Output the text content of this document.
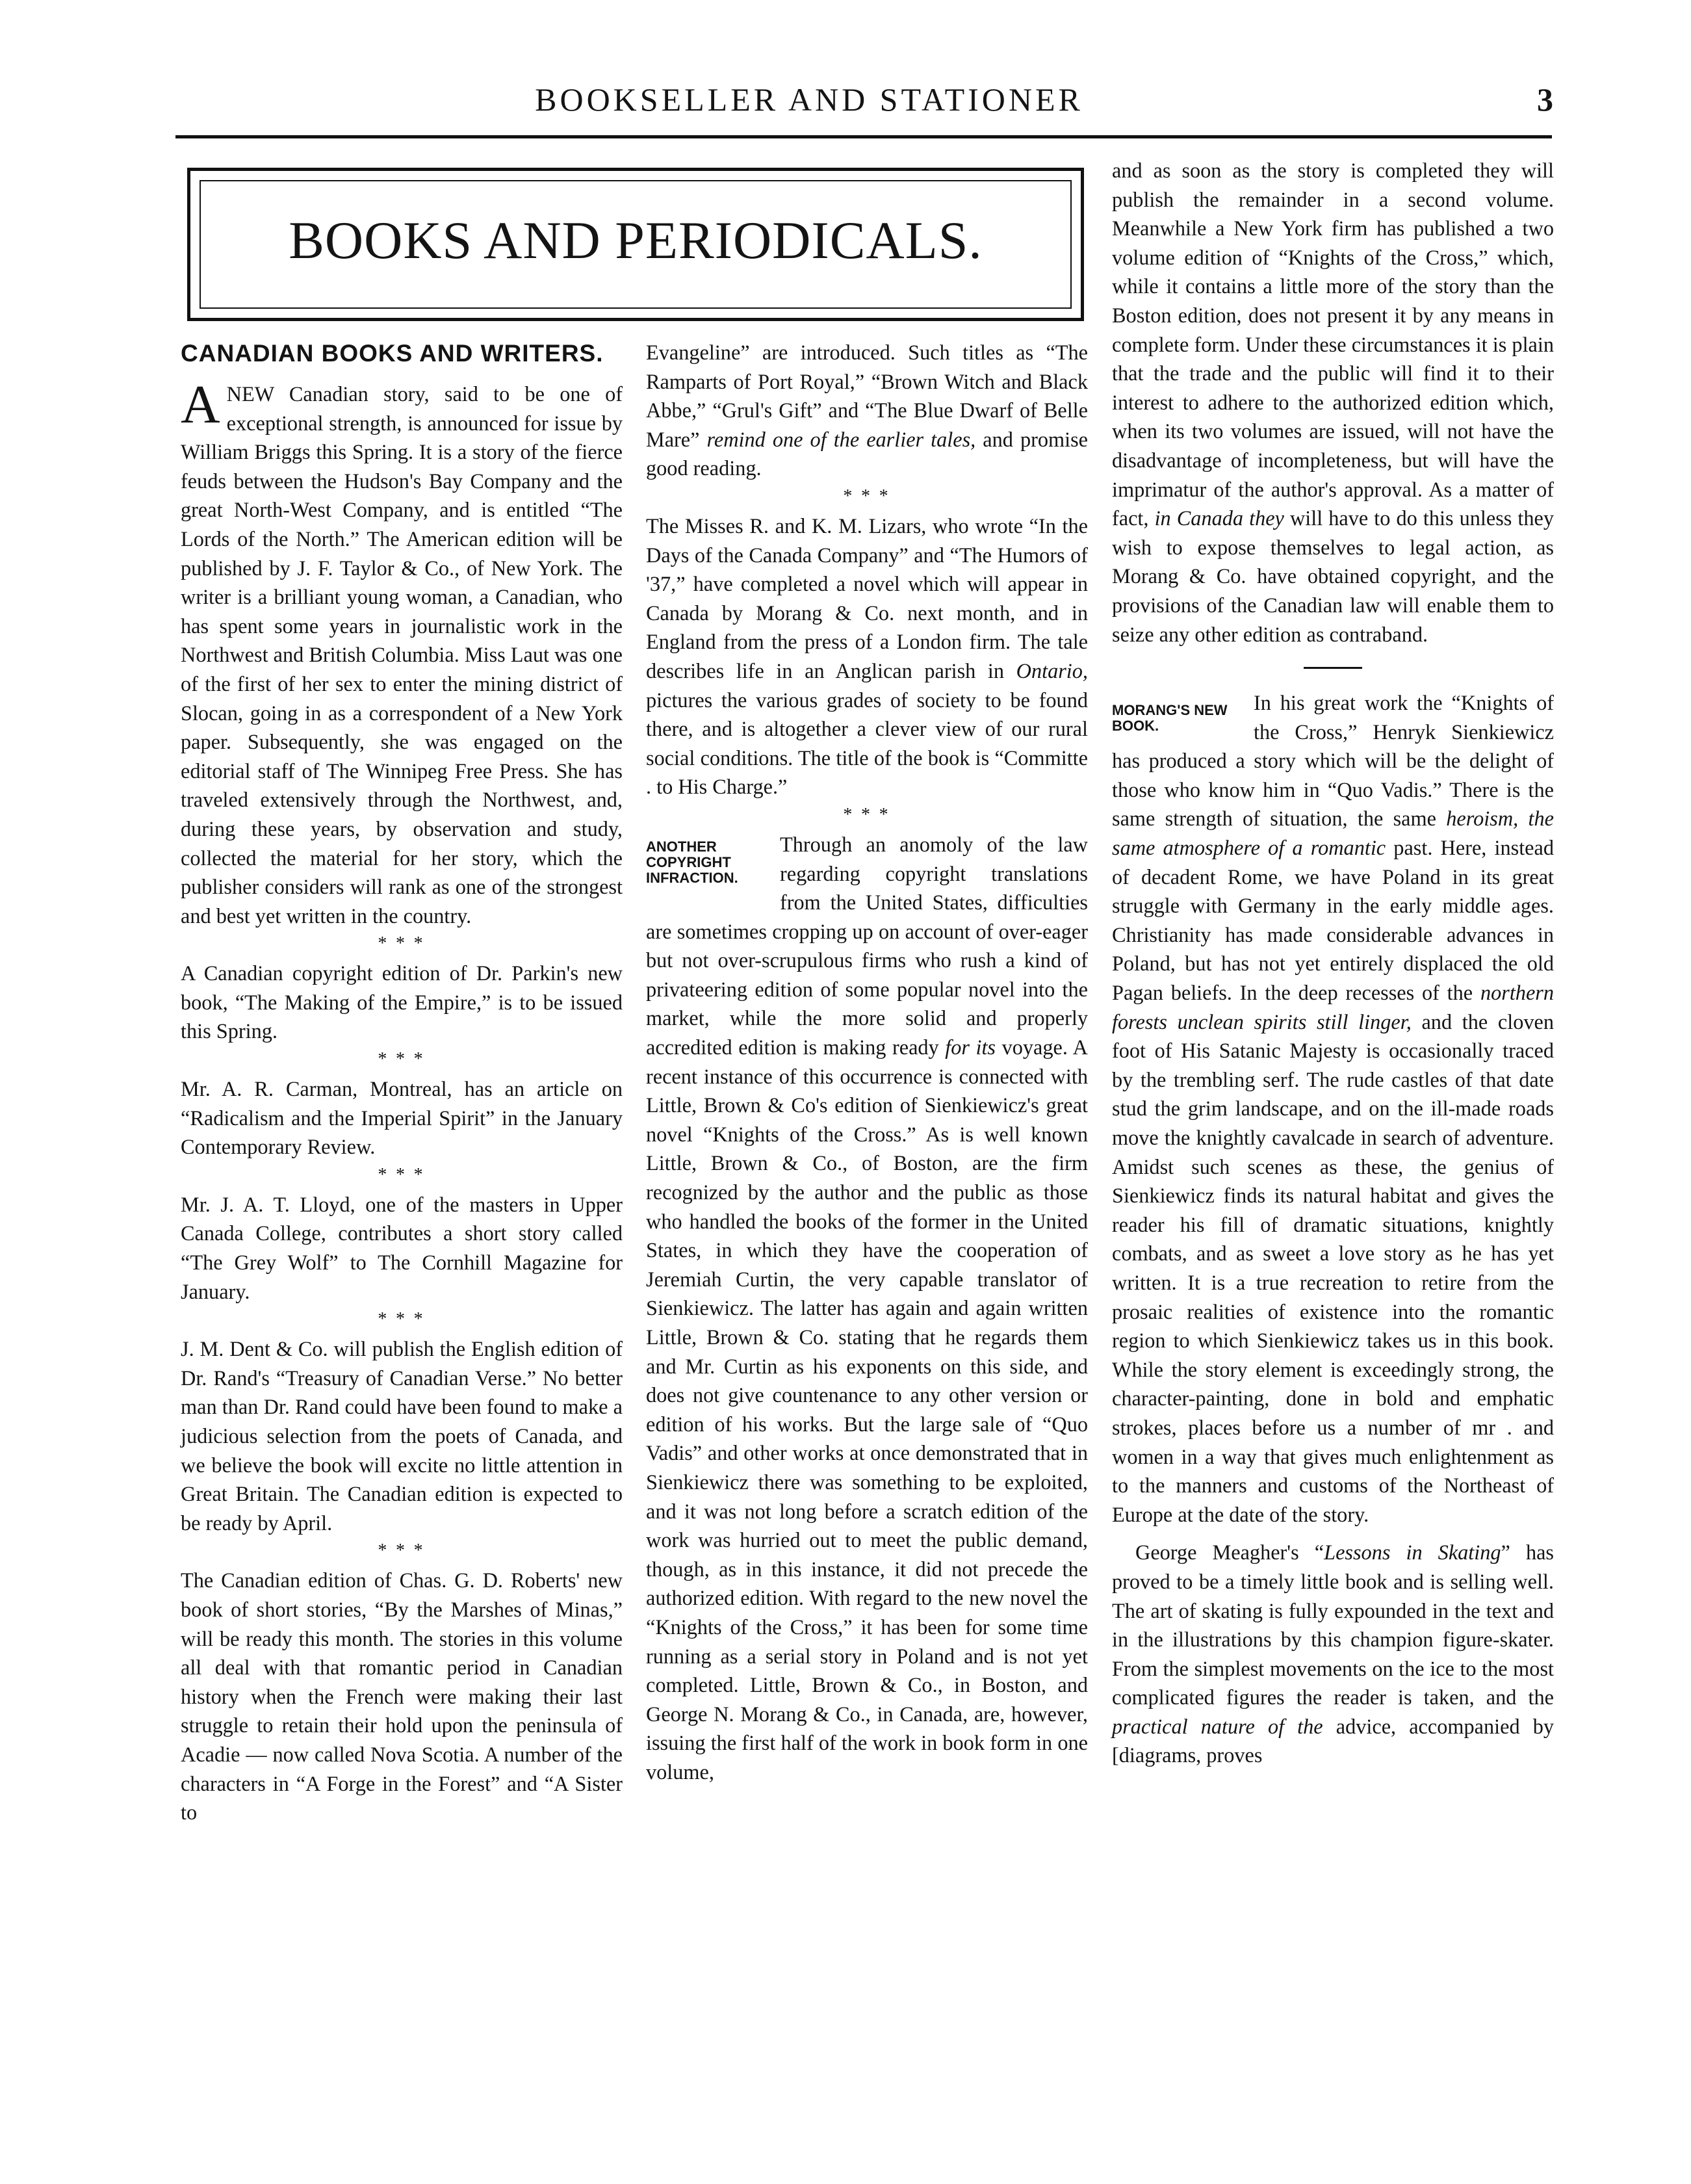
BOOKSELLER AND STATIONER	3
BOOKS AND PERIODICALS.
CANADIAN BOOKS AND WRITERS.

ANEW Canadian story, said to be one of exceptional strength, is announced for issue by William Briggs this Spring. It is a story of the fierce feuds between the Hudson's Bay Company and the great North-West Company, and is entitled “The Lords of the North.” The American edition will be published by J. F. Taylor & Co., of New York. The writer is a brilliant young woman, a Canadian, who has spent some years in journalistic work in the Northwest and British Columbia. Miss Laut was one of the first of her sex to enter the mining district of Slocan, going in as a correspondent of a New York paper. Subsequently, she was engaged on the editorial staff of The Winnipeg Free Press. She has traveled extensively through the Northwest, and, during these years, by observation and study, collected the material for her story, which the publisher considers will rank as one of the strongest and best yet written in the country.

* * *

A Canadian copyright edition of Dr. Parkin's new book, “The Making of the Empire,” is to be issued this Spring.

* * *

Mr. A. R. Carman, Montreal, has an article on “Radicalism and the Imperial Spirit” in the January Contemporary Review.

* * *

Mr. J. A. T. Lloyd, one of the masters in Upper Canada College, contributes a short story called “The Grey Wolf” to The Cornhill Magazine for January.

* * *

J. M. Dent & Co. will publish the English edition of Dr. Rand's “Treasury of Canadian Verse.” No better man than Dr. Rand could have been found to make a judicious selection from the poets of Canada, and we believe the book will excite no little attention in Great Britain. The Canadian edition is expected to be ready by April.

* * *

The Canadian edition of Chas. G. D. Roberts' new book of short stories, “By the Marshes of Minas,” will be ready this month. The stories in this volume all deal with that romantic period in Canadian history when the French were making their last struggle to retain their hold upon the peninsula of Acadie — now called Nova Scotia. A number of the characters in “A Forge in the Forest” and “A Sister to

Evangeline” are introduced. Such titles as “The Ramparts of Port Royal,” “Brown Witch and Black Abbe,” “Grul's Gift” and “The Blue Dwarf of Belle Mare” remind one of the earlier tales, and promise good reading.

* * *

The Misses R. and K. M. Lizars, who wrote “In the Days of the Canada Company” and “The Humors of '37,” have completed a novel which will appear in Canada by Morang & Co. next month, and in England from the press of a London firm. The tale describes life in an Anglican parish in Ontario, pictures the various grades of society to be found there, and is altogether a clever view of our rural social conditions. The title of the book is “Committe . to His Charge.”

* * *

ANOTHER COPYRIGHT INFRACTION.
Through an anomoly of the law regarding copyright translations from the United States, difficulties are sometimes cropping up on account of over-eager but not over-scrupulous firms who rush a kind of privateering edition of some popular novel into the market, while the more solid and properly accredited edition is making ready for its voyage. A recent instance of this occurrence is connected with Little, Brown & Co's edition of Sienkiewicz's great novel “Knights of the Cross.” As is well known Little, Brown & Co., of Boston, are the firm recognized by the author and the public as those who handled the books of the former in the United States, in which they have the cooperation of Jeremiah Curtin, the very capable translator of Sienkiewicz. The latter has again and again written Little, Brown & Co. stating that he regards them and Mr. Curtin as his exponents on this side, and does not give countenance to any other version or edition of his works. But the large sale of “Quo Vadis” and other works at once demonstrated that in Sienkiewicz there was something to be exploited, and it was not long before a scratch edition of the work was hurried out to meet the public demand, though, as in this instance, it did not precede the authorized edition. With regard to the new novel the “Knights of the Cross,” it has been for some time running as a serial story in Poland and is not yet completed. Little, Brown & Co., in Boston, and George N. Morang & Co., in Canada, are, however, issuing the first half of the work in book form in one volume,

and as soon as the story is completed they will publish the remainder in a second volume. Meanwhile a New York firm has published a two volume edition of “Knights of the Cross,” which, while it contains a little more of the story than the Boston edition, does not present it by any means in complete form. Under these circumstances it is plain that the trade and the public will find it to their interest to adhere to the authorized edition which, when its two volumes are issued, will not have the disadvantage of incompleteness, but will have the imprimatur of the author's approval. As a matter of fact, in Canada they will have to do this unless they wish to expose themselves to legal action, as Morang & Co. have obtained copyright, and the provisions of the Canadian law will enable them to seize any other edition as contraband.

MORANG'S NEW BOOK.
In his great work the “Knights of the Cross,” Henryk Sienkiewicz has produced a story which will be the delight of those who know him in “Quo Vadis.” There is the same strength of situation, the same heroism, the same atmosphere of a romantic past. Here, instead of decadent Rome, we have Poland in its great struggle with Germany in the early middle ages. Christianity has made considerable advances in Poland, but has not yet entirely displaced the old Pagan beliefs. In the deep recesses of the northern forests unclean spirits still linger, and the cloven foot of His Satanic Majesty is occasionally traced by the trembling serf. The rude castles of that date stud the grim landscape, and on the ill-made roads move the knightly cavalcade in search of adventure. Amidst such scenes as these, the genius of Sienkiewicz finds its natural habitat and gives the reader his fill of dramatic situations, knightly combats, and as sweet a love story as he has yet written. It is a true recreation to retire from the prosaic realities of existence into the romantic region to which Sienkiewicz takes us in this book. While the story element is exceedingly strong, the character-painting, done in bold and emphatic strokes, places before us a number of mr . and women in a way that gives much enlightenment as to the manners and customs of the Northeast of Europe at the date of the story.

George Meagher's “Lessons in Skating” has proved to be a timely little book and is selling well. The art of skating is fully expounded in the text and in the illustrations by this champion figure-skater. From the simplest movements on the ice to the most complicated figures the reader is taken, and the practical nature of the advice, accompanied by [diagrams, proves
